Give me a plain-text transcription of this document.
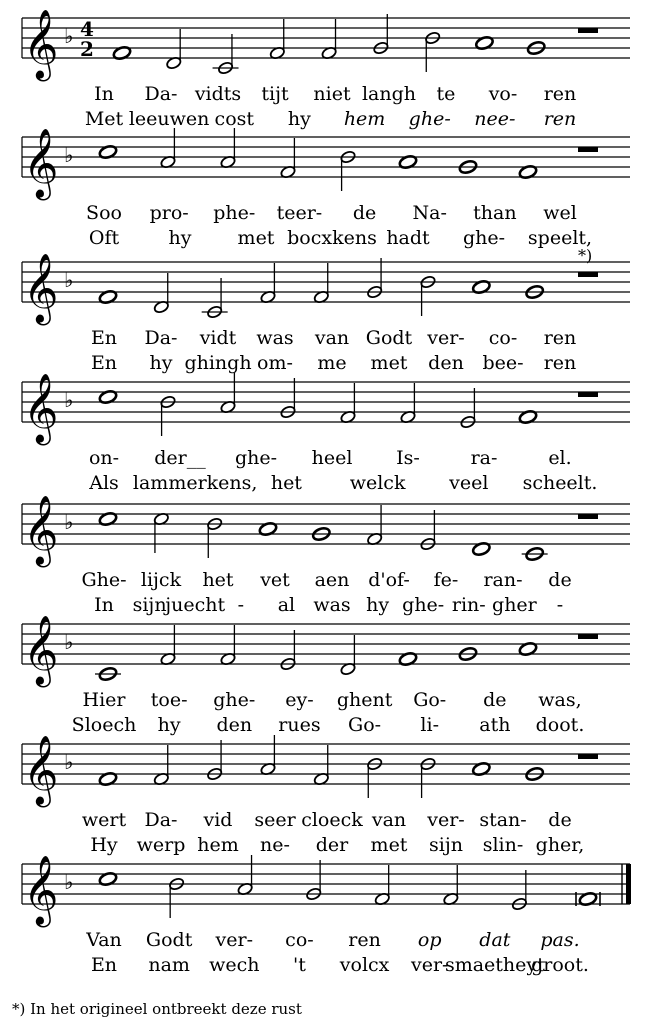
𝄞 ♭ 4
2
In Da- vidts tijt niet langh te vo- ren
Met leeuwen cost hy hem ghe- nee- ren
𝄞 ♭
Soo pro- phe- teer- de Na- than wel
Oft	hy met bocxkens hadt ghe- speelt,
𝄞 ♭
En Da- vidt was van Godt ver- co- ren
En hy ghingh om- me met den bee- ren
𝄞 ♭
on- der__ ghe- heel Is-	ra-	el.
Als lammerkens, het	welck veel scheelt.
𝄞 ♭
Ghe- lijck het vet aen d'of- fe- ran- de
In sijn
juecht - al was hy ghe- rin- gher -
𝄞 ♭
Hier toe- ghe- ey- ghent Go- de was,
Sloech hy den rues Go- li- ath doot.
𝄞 ♭
wert Da- vid seer cloeck van ver- stan- de
Hy werp hem ne- der met sijn slin- gher,
𝄞 ♭
Van Godt ver- co- ren op dat pas.
En nam wech 't volcx ver-
smaetheyt
groot.
*)
*) In het origineel ontbreekt deze rust
